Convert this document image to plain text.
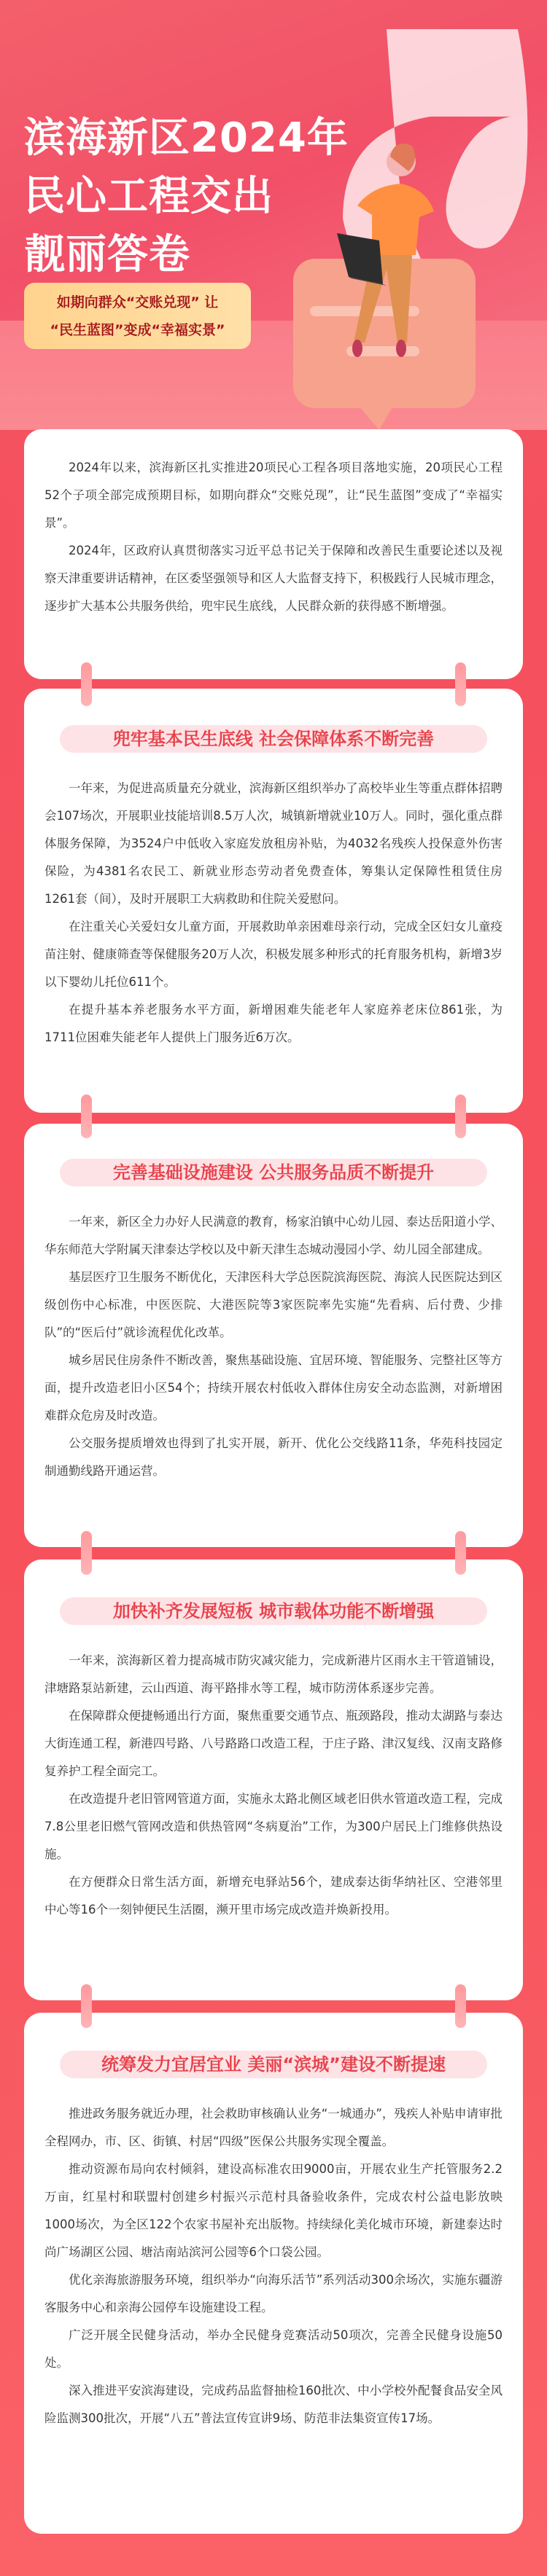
滨海新区2024年
民心工程交出
靓丽答卷
如期向群众“交账兑现” 让
“民生蓝图”变成“幸福实景”

2024年以来，滨海新区扎实推进20项民心工程各项目落地实施，20项民心工程52个子项全部完成预期目标，如期向群众“交账兑现”，让“民生蓝图”变成了“幸福实景”。

2024年，区政府认真贯彻落实习近平总书记关于保障和改善民生重要论述以及视察天津重要讲话精神，在区委坚强领导和区人大监督支持下，积极践行人民城市理念，逐步扩大基本公共服务供给，兜牢民生底线，人民群众新的获得感不断增强。

兜牢基本民生底线 社会保障体系不断完善

一年来，为促进高质量充分就业，滨海新区组织举办了高校毕业生等重点群体招聘会107场次，开展职业技能培训8.5万人次，城镇新增就业10万人。同时，强化重点群体服务保障，为3524户中低收入家庭发放租房补贴，为4032名残疾人投保意外伤害保险，为4381名农民工、新就业形态劳动者免费查体，筹集认定保障性租赁住房1261套（间），及时开展职工大病救助和住院关爱慰问。

在注重关心关爱妇女儿童方面，开展救助单亲困难母亲行动，完成全区妇女儿童疫苗注射、健康筛查等保健服务20万人次，积极发展多种形式的托育服务机构，新增3岁以下婴幼儿托位611个。

在提升基本养老服务水平方面，新增困难失能老年人家庭养老床位861张，为1711位困难失能老年人提供上门服务近6万次。

完善基础设施建设 公共服务品质不断提升

一年来，新区全力办好人民满意的教育，杨家泊镇中心幼儿园、泰达岳阳道小学、华东师范大学附属天津泰达学校以及中新天津生态城动漫园小学、幼儿园全部建成。

基层医疗卫生服务不断优化，天津医科大学总医院滨海医院、海滨人民医院达到区级创伤中心标准，中医医院、大港医院等3家医院率先实施“先看病、后付费、少排队”的“医后付”就诊流程优化改革。

城乡居民住房条件不断改善，聚焦基础设施、宜居环境、智能服务、完整社区等方面，提升改造老旧小区54个；持续开展农村低收入群体住房安全动态监测，对新增困难群众危房及时改造。

公交服务提质增效也得到了扎实开展，新开、优化公交线路11条，华苑科技园定制通勤线路开通运营。

加快补齐发展短板 城市载体功能不断增强

一年来，滨海新区着力提高城市防灾减灾能力，完成新港片区雨水主干管道铺设，津塘路泵站新建，云山西道、海平路排水等工程，城市防涝体系逐步完善。

在保障群众便捷畅通出行方面，聚焦重要交通节点、瓶颈路段，推动太湖路与泰达大街连通工程，新港四号路、八号路路口改造工程，于庄子路、津汉复线、汉南支路修复养护工程全面完工。

在改造提升老旧管网管道方面，实施永太路北侧区域老旧供水管道改造工程，完成7.8公里老旧燃气管网改造和供热管网“冬病夏治”工作，为300户居民上门维修供热设施。

在方便群众日常生活方面，新增充电驿站56个，建成泰达街华纳社区、空港邻里中心等16个一刻钟便民生活圈，濒开里市场完成改造并焕新投用。

统筹发力宜居宜业 美丽“滨城”建设不断提速

推进政务服务就近办理，社会救助审核确认业务“一城通办”，残疾人补贴申请审批全程网办，市、区、街镇、村居“四级”医保公共服务实现全覆盖。

推动资源布局向农村倾斜，建设高标准农田9000亩，开展农业生产托管服务2.2万亩，红星村和联盟村创建乡村振兴示范村具备验收条件，完成农村公益电影放映1000场次，为全区122个农家书屋补充出版物。持续绿化美化城市环境，新建泰达时尚广场湖区公园、塘沽南站滨河公园等6个口袋公园。

优化亲海旅游服务环境，组织举办“向海乐活节”系列活动300余场次，实施东疆游客服务中心和亲海公园停车设施建设工程。

广泛开展全民健身活动，举办全民健身竞赛活动50项次，完善全民健身设施50处。

深入推进平安滨海建设，完成药品监督抽检160批次、中小学校外配餐食品安全风险监测300批次，开展“八五”普法宣传宣讲9场、防范非法集资宣传17场。
